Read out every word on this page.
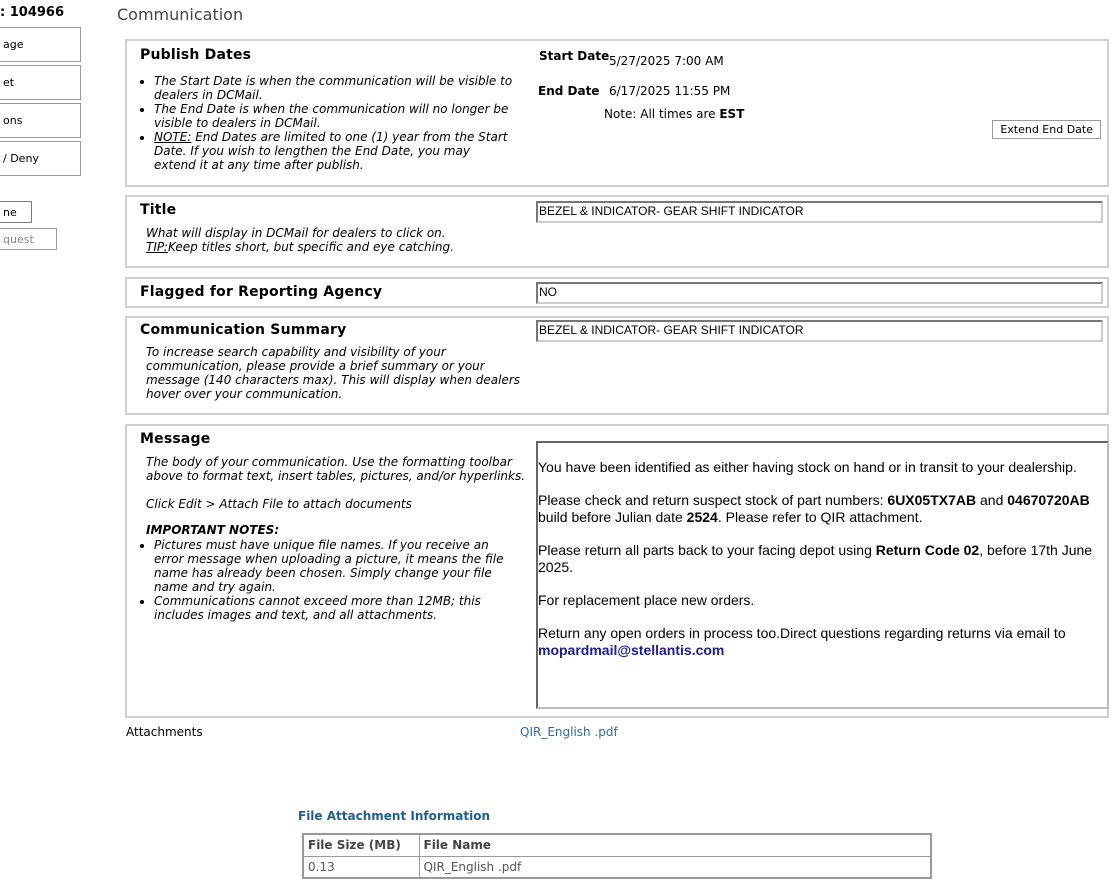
: 104966
age
et
ons
/ Deny
ne
quest
Communication
Publish Dates
• The Start Date is when the communication will be visible to dealers in DCMail.
• The End Date is when the communication will no longer be visible to dealers in DCMail.
• NOTE: End Dates are limited to one (1) year from the Start Date. If you wish to lengthen the End Date, you may extend it at any time after publish.
Start Date 5/27/2025 7:00 AM
End Date 6/17/2025 11:55 PM
Note: All times are EST
Extend End Date
Title
What will display in DCMail for dealers to click on.
TIP:Keep titles short, but specific and eye catching.
BEZEL & INDICATOR- GEAR SHIFT INDICATOR
Flagged for Reporting Agency	NO
Communication Summary
To increase search capability and visibility of your communication, please provide a brief summary or your message (140 characters max). This will display when dealers hover over your communication.
BEZEL & INDICATOR- GEAR SHIFT INDICATOR
Message
The body of your communication. Use the formatting toolbar above to format text, insert tables, pictures, and/or hyperlinks.
Click Edit > Attach File to attach documents
IMPORTANT NOTES:
• Pictures must have unique file names. If you receive an error message when uploading a picture, it means the file name has already been chosen. Simply change your file name and try again.
• Communications cannot exceed more than 12MB; this includes images and text, and all attachments.

You have been identified as either having stock on hand or in transit to your dealership.

Please check and return suspect stock of part numbers: 6UX05TX7AB and 04670720AB build before Julian date 2524. Please refer to QIR attachment.

Please return all parts back to your facing depot using Return Code 02, before 17th June 2025.

For replacement place new orders.

Return any open orders in process too.Direct questions regarding returns via email to mopardmail@stellantis.com

Attachments	QIR_English .pdf
File Attachment Information
File Size (MB)	File Name
0.13	QIR_English .pdf
